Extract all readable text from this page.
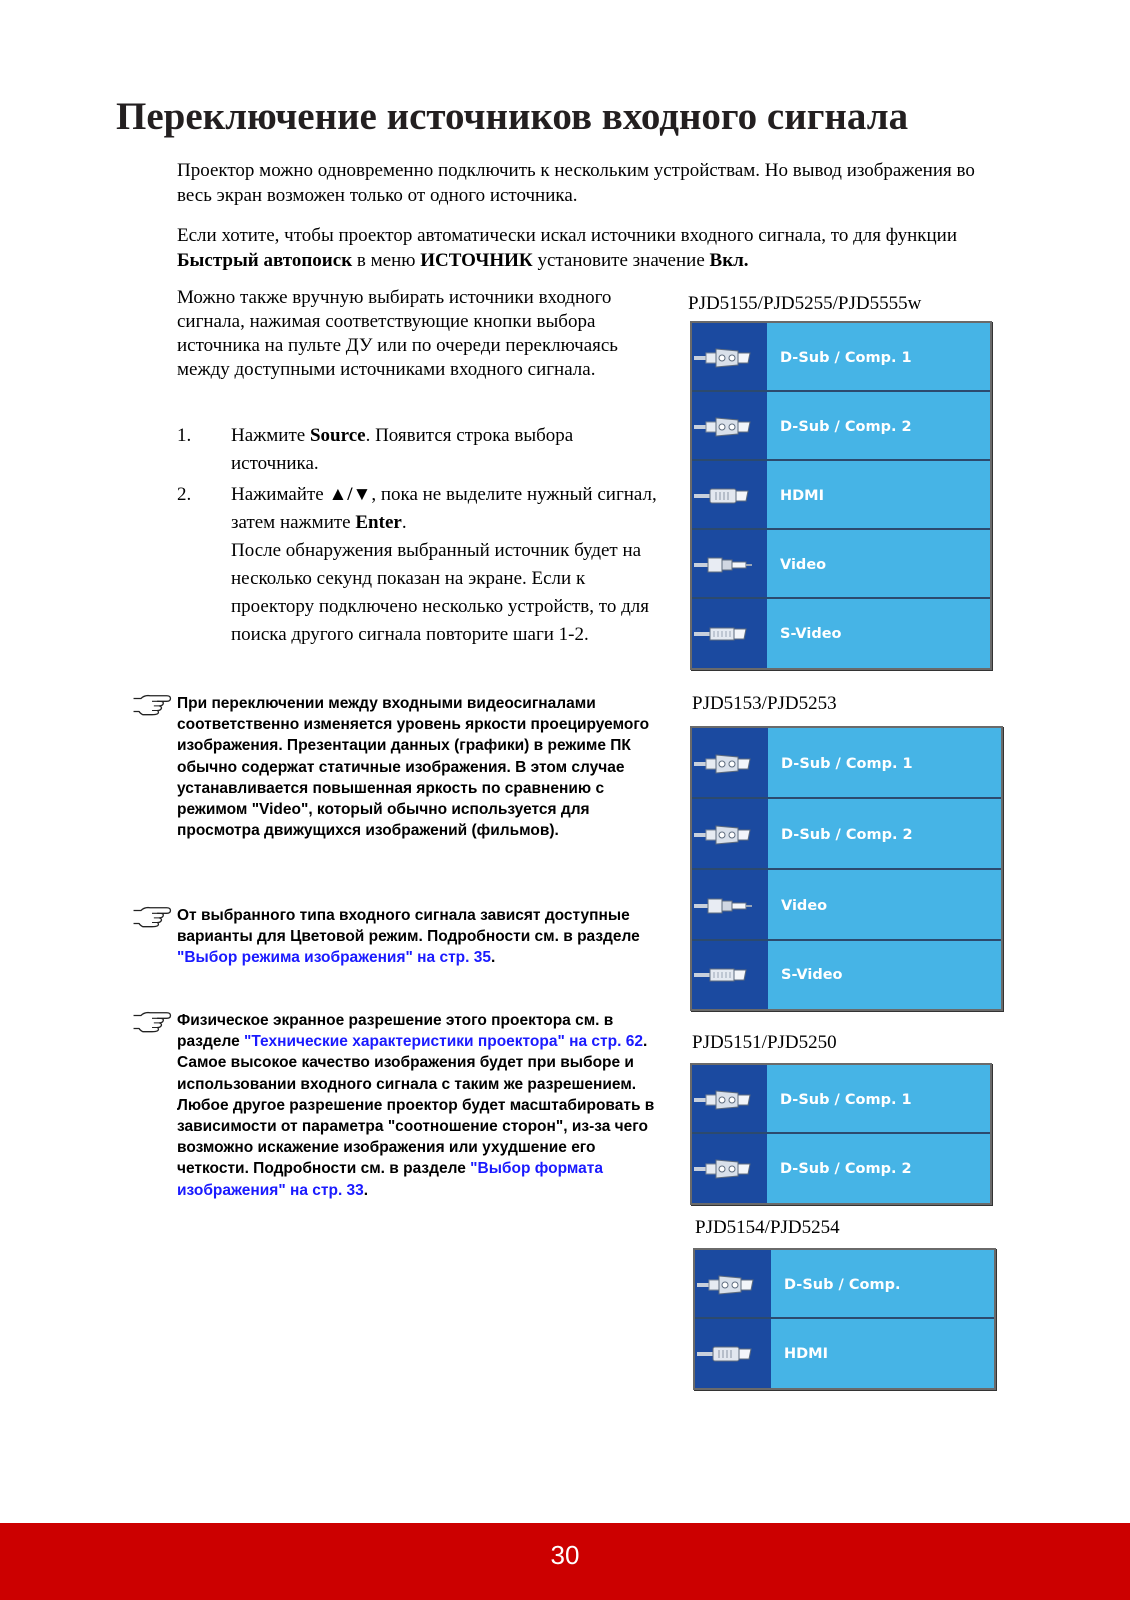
Переключение источников входного сигнала

Проектор можно одновременно подключить к нескольким устройствам. Но вывод изображения во весь экран возможен только от одного источника.

Если хотите, чтобы проектор автоматически искал источники входного сигнала, то для функции Быстрый автопоиск в меню ИСТОЧНИК установите значение Вкл.

Можно также вручную выбирать источники входного сигнала, нажимая соответствующие кнопки выбора источника на пульте ДУ или по очереди переключаясь между доступными источниками входного сигнала.

1. Нажмите Source. Появится строка выбора источника.
2. Нажимайте ▲/▼, пока не выделите нужный сигнал, затем нажмите Enter.
После обнаружения выбранный источник будет на несколько секунд показан на экране. Если к проектору подключено несколько устройств, то для поиска другого сигнала повторите шаги 1-2.
При переключении между входными видеосигналами соответственно изменяется уровень яркости проецируемого изображения. Презентации данных (графики) в режиме ПК обычно содержат статичные изображения. В этом случае устанавливается повышенная яркость по сравнению с режимом "Video", который обычно используется для просмотра движущихся изображений (фильмов).
От выбранного типа входного сигнала зависят доступные варианты для Цветовой режим. Подробности см. в разделе "Выбор режима изображения" на стр. 35.
Физическое экранное разрешение этого проектора см. в разделе "Технические характеристики проектора" на стр. 62. Самое высокое качество изображения будет при выборе и использовании входного сигнала с таким же разрешением. Любое другое разрешение проектор будет масштабировать в зависимости от параметра "соотношение сторон", из-за чего возможно искажение изображения или ухудшение его четкости. Подробности см. в разделе "Выбор формата изображения" на стр. 33.
PJD5155/PJD5255/PJD5555w
PJD5153/PJD5253
PJD5151/PJD5250
PJD5154/PJD5254
D-Sub / Comp. 1
D-Sub / Comp. 2
HDMI
Video
S-Video
D-Sub / Comp. 1
D-Sub / Comp. 2
Video
S-Video
D-Sub / Comp. 1
D-Sub / Comp. 2
D-Sub / Comp.
HDMI
30
